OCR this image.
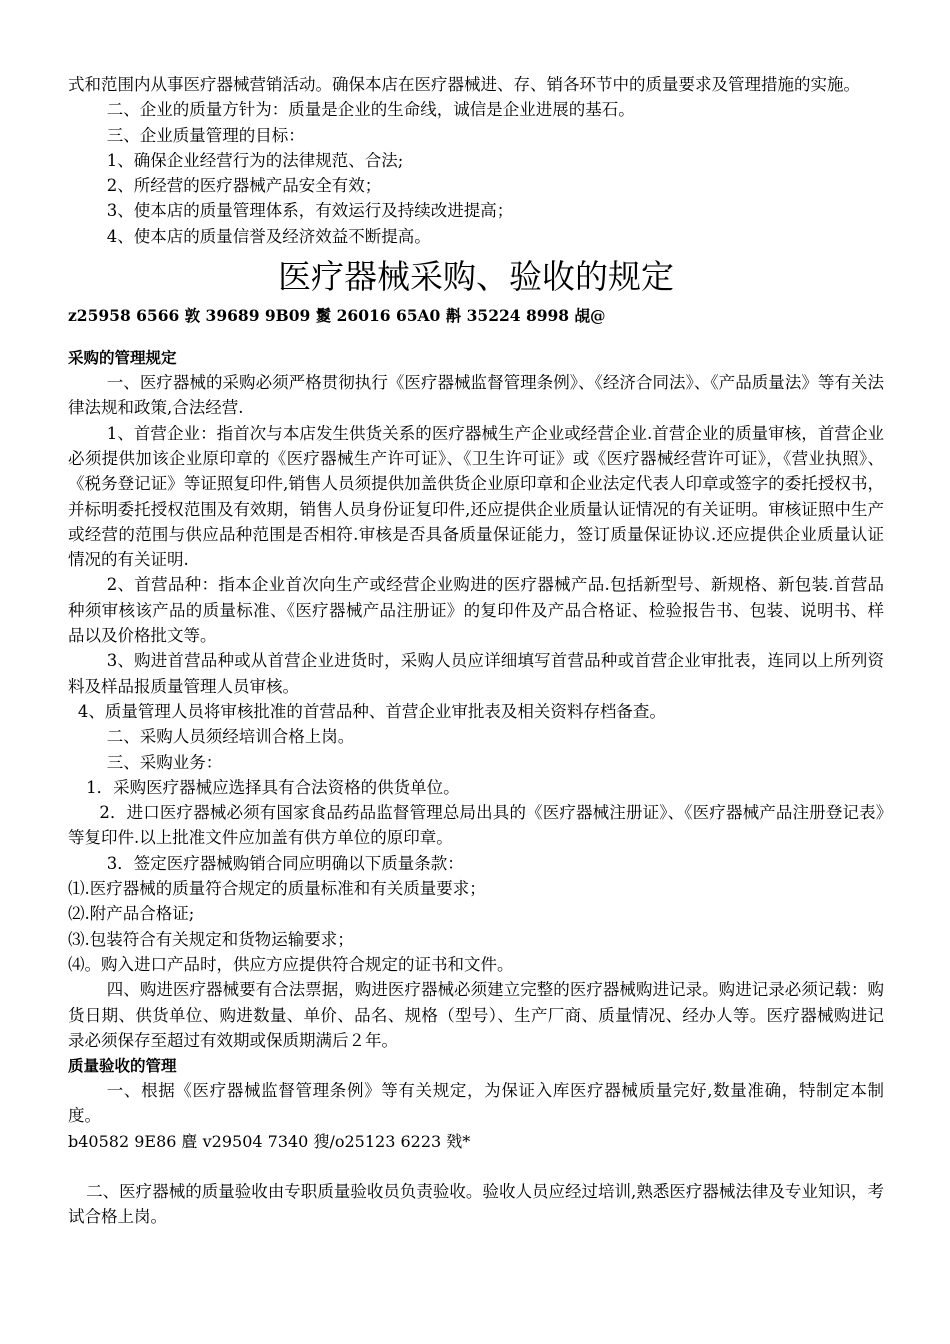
式和范围内从事医疗器械营销活动。确保本店在医疗器械进、存、销各环节中的质量要求及管理措施的实施。

二、企业的质量方针为：质量是企业的生命线，诚信是企业进展的基石。

三、企业质量管理的目标：

1、确保企业经营行为的法律规范、合法;

2、所经营的医疗器械产品安全有效；

3、使本店的质量管理体系，有效运行及持续改进提高；

4、使本店的质量信誉及经济效益不断提高。

医疗器械采购、验收的规定

z25958 6566 敦 39689 9B09 鬉 26016 65A0 斠 35224 8998 覘@

采购的管理规定

一、医疗器械的采购必须严格贯彻执行《医疗器械监督管理条例》、《经济合同法》、《产品质量法》等有关法律法规和政策,合法经营.

1、首营企业：指首次与本店发生供货关系的医疗器械生产企业或经营企业.首营企业的质量审核，首营企业必须提供加该企业原印章的《医疗器械生产许可证》、《卫生许可证》或《医疗器械经营许可证》，《营业执照》、《税务登记证》等证照复印件,销售人员须提供加盖供货企业原印章和企业法定代表人印章或签字的委托授权书，并标明委托授权范围及有效期，销售人员身份证复印件,还应提供企业质量认证情况的有关证明。审核证照中生产或经营的范围与供应品种范围是否相符.审核是否具备质量保证能力，签订质量保证协议.还应提供企业质量认证情况的有关证明.

2、首营品种：指本企业首次向生产或经营企业购进的医疗器械产品.包括新型号、新规格、新包装.首营品种须审核该产品的质量标准、《医疗器械产品注册证》的复印件及产品合格证、检验报告书、包装、说明书、样品以及价格批文等。

3、购进首营品种或从首营企业进货时，采购人员应详细填写首营品种或首营企业审批表，连同以上所列资料及样品报质量管理人员审核。

4、质量管理人员将审核批准的首营品种、首营企业审批表及相关资料存档备查。

二、采购人员须经培训合格上岗。

三、采购业务：

1．采购医疗器械应选择具有合法资格的供货单位。

2．进口医疗器械必须有国家食品药品监督管理总局出具的《医疗器械注册证》、《医疗器械产品注册登记表》等复印件.以上批准文件应加盖有供方单位的原印章。

3．签定医疗器械购销合同应明确以下质量条款：

⑴.医疗器械的质量符合规定的质量标准和有关质量要求；

⑵.附产品合格证;

⑶.包装符合有关规定和货物运输要求；

⑷。购入进口产品时，供应方应提供符合规定的证书和文件。

四、购进医疗器械要有合法票据，购进医疗器械必须建立完整的医疗器械购进记录。购进记录必须记载：购货日期、供货单位、购进数量、单价、品名、规格（型号）、生产厂商、质量情况、经办人等。医疗器械购进记录必须保存至超过有效期或保质期满后２年。

质量验收的管理

一、根据《医疗器械监督管理条例》等有关规定，为保证入库医疗器械质量完好,数量准确，特制定本制度。

b40582 9E86 麆 v29504 7340 獀/o25123 6223 戣*

二、医疗器械的质量验收由专职质量验收员负责验收。验收人员应经过培训,熟悉医疗器械法律及专业知识，考试合格上岗。
